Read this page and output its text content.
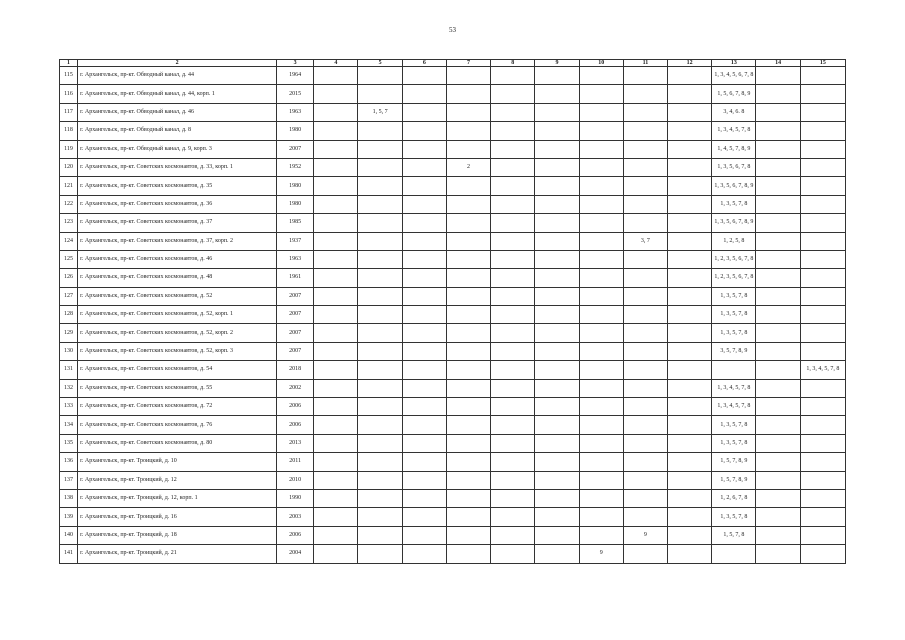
53
1	2	3	4	5	6	7	8	9	10	11	12	13	14	15
115	г. Архангельск, пр-кт. Обводный канал, д. 44	1964										1, 3, 4, 5, 6, 7, 8		
116	г. Архангельск, пр-кт. Обводный канал, д. 44, корп. 1	2015										1, 5, 6, 7, 8, 9		
117	г. Архангельск, пр-кт. Обводный канал, д. 46	1963		1, 5, 7								3, 4, 6. 8		
118	г. Архангельск, пр-кт. Обводный канал, д. 8	1980										1, 3, 4, 5, 7, 8		
119	г. Архангельск, пр-кт. Обводный канал, д. 9, корп. 3	2007										1, 4, 5, 7, 8, 9		
120	г. Архангельск, пр-кт. Советских космонавтов, д. 33, корп. 1	1952				2						1, 3, 5, 6, 7, 8		
121	г. Архангельск, пр-кт. Советских космонавтов, д. 35	1980										1, 3, 5, 6, 7, 8, 9		
122	г. Архангельск, пр-кт. Советских космонавтов, д. 36	1980										1, 3, 5, 7, 8		
123	г. Архангельск, пр-кт. Советских космонавтов, д. 37	1985										1, 3, 5, 6, 7, 8, 9		
124	г. Архангельск, пр-кт. Советских космонавтов, д. 37, корп. 2	1937								3, 7		1, 2, 5, 8		
125	г. Архангельск, пр-кт. Советских космонавтов, д. 46	1963										1, 2, 3, 5, 6, 7, 8		
126	г. Архангельск, пр-кт. Советских космонавтов, д. 48	1961										1, 2, 3, 5, 6, 7, 8		
127	г. Архангельск, пр-кт. Советских космонавтов, д. 52	2007										1, 3, 5, 7, 8		
128	г. Архангельск, пр-кт. Советских космонавтов, д. 52, корп. 1	2007										1, 3, 5, 7, 8		
129	г. Архангельск, пр-кт. Советских космонавтов, д. 52, корп. 2	2007										1, 3, 5, 7, 8		
130	г. Архангельск, пр-кт. Советских космонавтов, д. 52, корп. 3	2007										3, 5, 7, 8, 9		
131	г. Архангельск, пр-кт. Советских космонавтов, д. 54	2018												1, 3, 4, 5, 7, 8
132	г. Архангельск, пр-кт. Советских космонавтов, д. 55	2002										1, 3, 4, 5, 7, 8		
133	г. Архангельск, пр-кт. Советских космонавтов, д. 72	2006										1, 3, 4, 5, 7, 8		
134	г. Архангельск, пр-кт. Советских космонавтов, д. 76	2006										1, 3, 5, 7, 8		
135	г. Архангельск, пр-кт. Советских космонавтов, д. 80	2013										1, 3, 5, 7, 8		
136	г. Архангельск, пр-кт. Троицкий, д. 10	2011										1, 5, 7, 8, 9		
137	г. Архангельск, пр-кт. Троицкий, д. 12	2010										1, 5, 7, 8, 9		
138	г. Архангельск, пр-кт. Троицкий, д. 12, корп. 1	1990										1, 2, 6, 7, 8		
139	г. Архангельск, пр-кт. Троицкий, д. 16	2003										1, 3, 5, 7, 8		
140	г. Архангельск, пр-кт. Троицкий, д. 18	2006								9		1, 5, 7, 8		
141	г. Архангельск, пр-кт. Троицкий, д. 21	2004							9					
